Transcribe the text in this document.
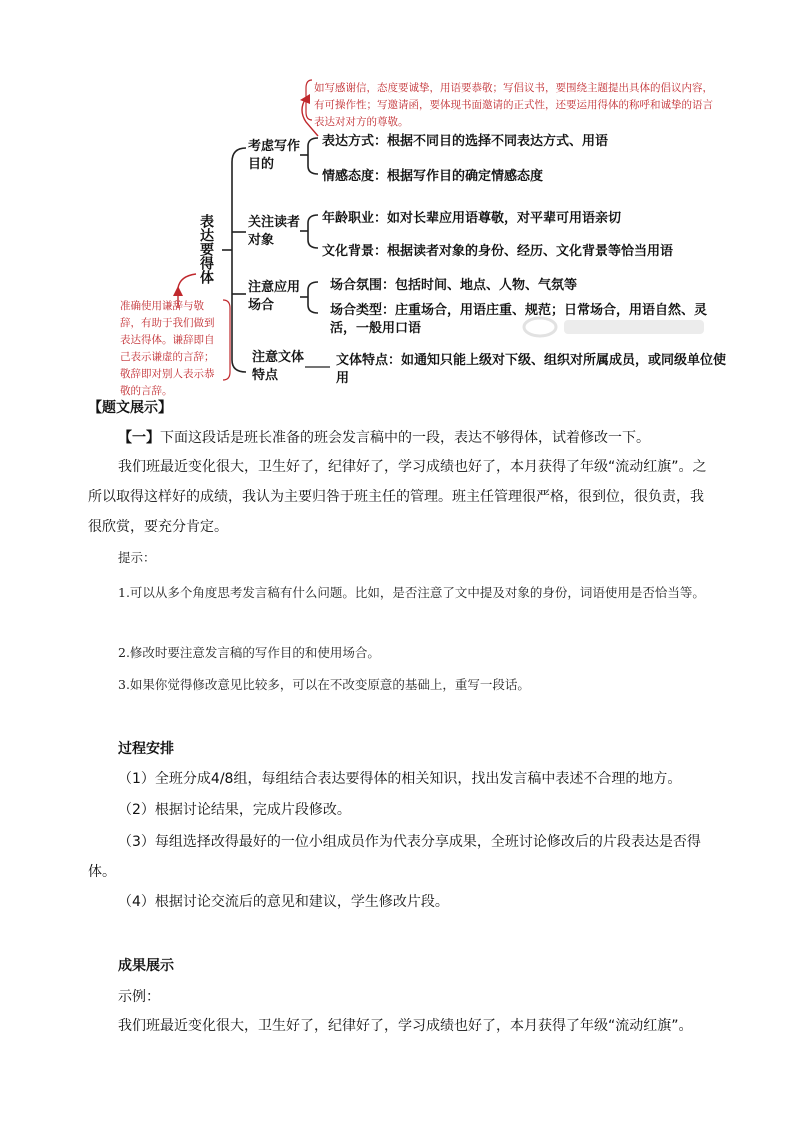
如写感谢信，态度要诚挚，用语要恭敬；写倡议书，要围绕主题提出具体的倡议内容，有可操作性；写邀请函，要体现书面邀请的正式性，还要运用得体的称呼和诚挚的语言表达对对方的尊敬。
表达要得体
准确使用谦辞与敬辞，有助于我们做到表达得体。谦辞即自己表示谦虚的言辞；敬辞即对别人表示恭敬的言辞。
考虑写作目的
关注读者对象
注意应用场合
注意文体特点
表达方式：根据不同目的选择不同表达方式、用语
情感态度：根据写作目的确定情感态度
年龄职业：如对长辈应用语尊敬，对平辈可用语亲切
文化背景：根据读者对象的身份、经历、文化背景等恰当用语
场合氛围：包括时间、地点、人物、气氛等
场合类型：庄重场合，用语庄重、规范；日常场合，用语自然、灵活，一般用口语
文体特点：如通知只能上级对下级、组织对所属成员，或同级单位使用
【题文展示】
【一】下面这段话是班长准备的班会发言稿中的一段，表达不够得体，试着修改一下。
我们班最近变化很大，卫生好了，纪律好了，学习成绩也好了，本月获得了年级“流动红旗”。之所以取得这样好的成绩，我认为主要归咎于班主任的管理。班主任管理很严格，很到位，很负责，我很欣赏，要充分肯定。
提示：
1.可以从多个角度思考发言稿有什么问题。比如，是否注意了文中提及对象的身份，词语使用是否恰当等。
2.修改时要注意发言稿的写作目的和使用场合。
3.如果你觉得修改意见比较多，可以在不改变原意的基础上，重写一段话。
过程安排
（1）全班分成4/8组，每组结合表达要得体的相关知识，找出发言稿中表述不合理的地方。
（2）根据讨论结果，完成片段修改。
（3）每组选择改得最好的一位小组成员作为代表分享成果，全班讨论修改后的片段表达是否得体。
（4）根据讨论交流后的意见和建议，学生修改片段。
成果展示
示例：
我们班最近变化很大，卫生好了，纪律好了，学习成绩也好了，本月获得了年级“流动红旗”。
